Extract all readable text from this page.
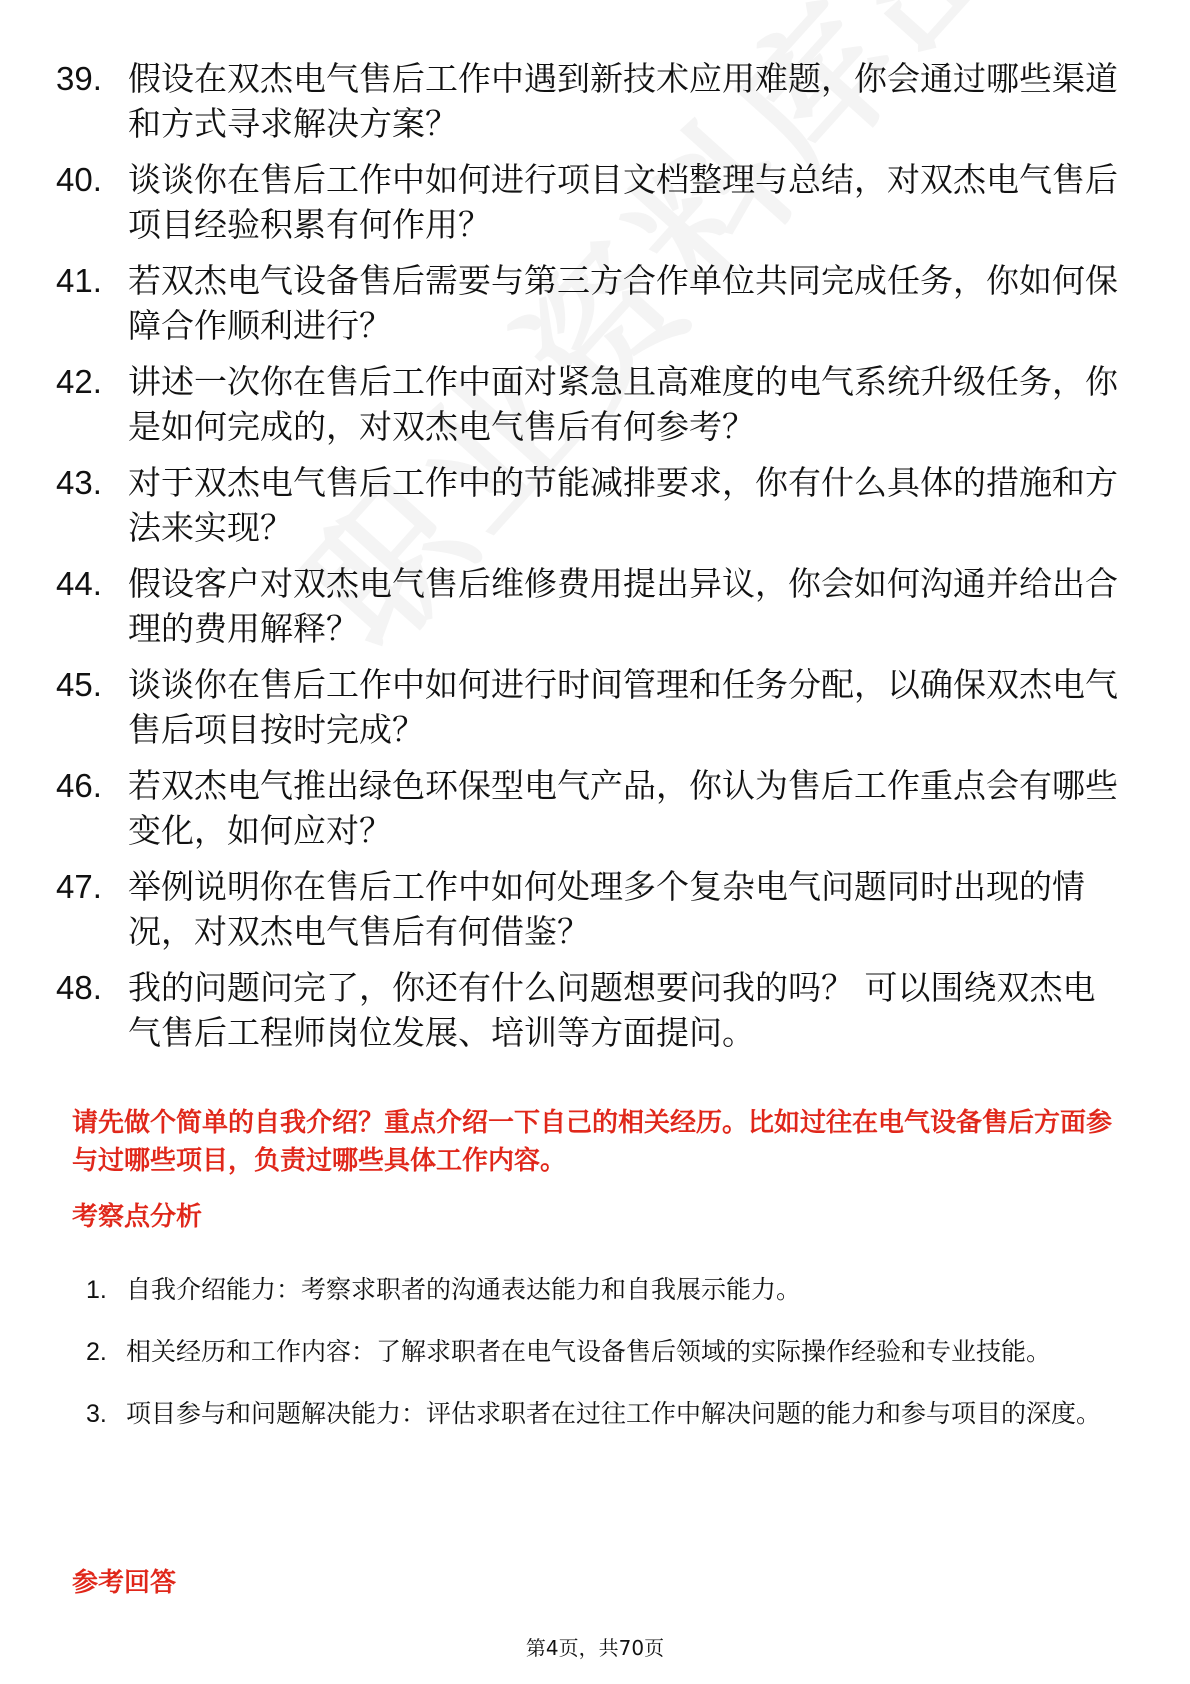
39. 假设在双杰电气售后工作中遇到新技术应用难题，你会通过哪些渠道和方式寻求解决方案？
40. 谈谈你在售后工作中如何进行项目文档整理与总结，对双杰电气售后项目经验积累有何作用？
41. 若双杰电气设备售后需要与第三方合作单位共同完成任务，你如何保障合作顺利进行？
42. 讲述一次你在售后工作中面对紧急且高难度的电气系统升级任务，你是如何完成的，对双杰电气售后有何参考？
43. 对于双杰电气售后工作中的节能减排要求，你有什么具体的措施和方法来实现？
44. 假设客户对双杰电气售后维修费用提出异议，你会如何沟通并给出合理的费用解释？
45. 谈谈你在售后工作中如何进行时间管理和任务分配，以确保双杰电气售后项目按时完成？
46. 若双杰电气推出绿色环保型电气产品，你认为售后工作重点会有哪些变化，如何应对？
47. 举例说明你在售后工作中如何处理多个复杂电气问题同时出现的情况，对双杰电气售后有何借鉴？
48. 我的问题问完了，你还有什么问题想要问我的吗？ 可以围绕双杰电气售后工程师岗位发展、培训等方面提问。

请先做个简单的自我介绍？重点介绍一下自己的相关经历。比如过往在电气设备售后方面参与过哪些项目，负责过哪些具体工作内容。

考察点分析
1. 自我介绍能力：考察求职者的沟通表达能力和自我展示能力。
2. 相关经历和工作内容：了解求职者在电气设备售后领域的实际操作经验和专业技能。
3. 项目参与和问题解决能力：评估求职者在过往工作中解决问题的能力和参与项目的深度。
参考回答
第4页，共70页
